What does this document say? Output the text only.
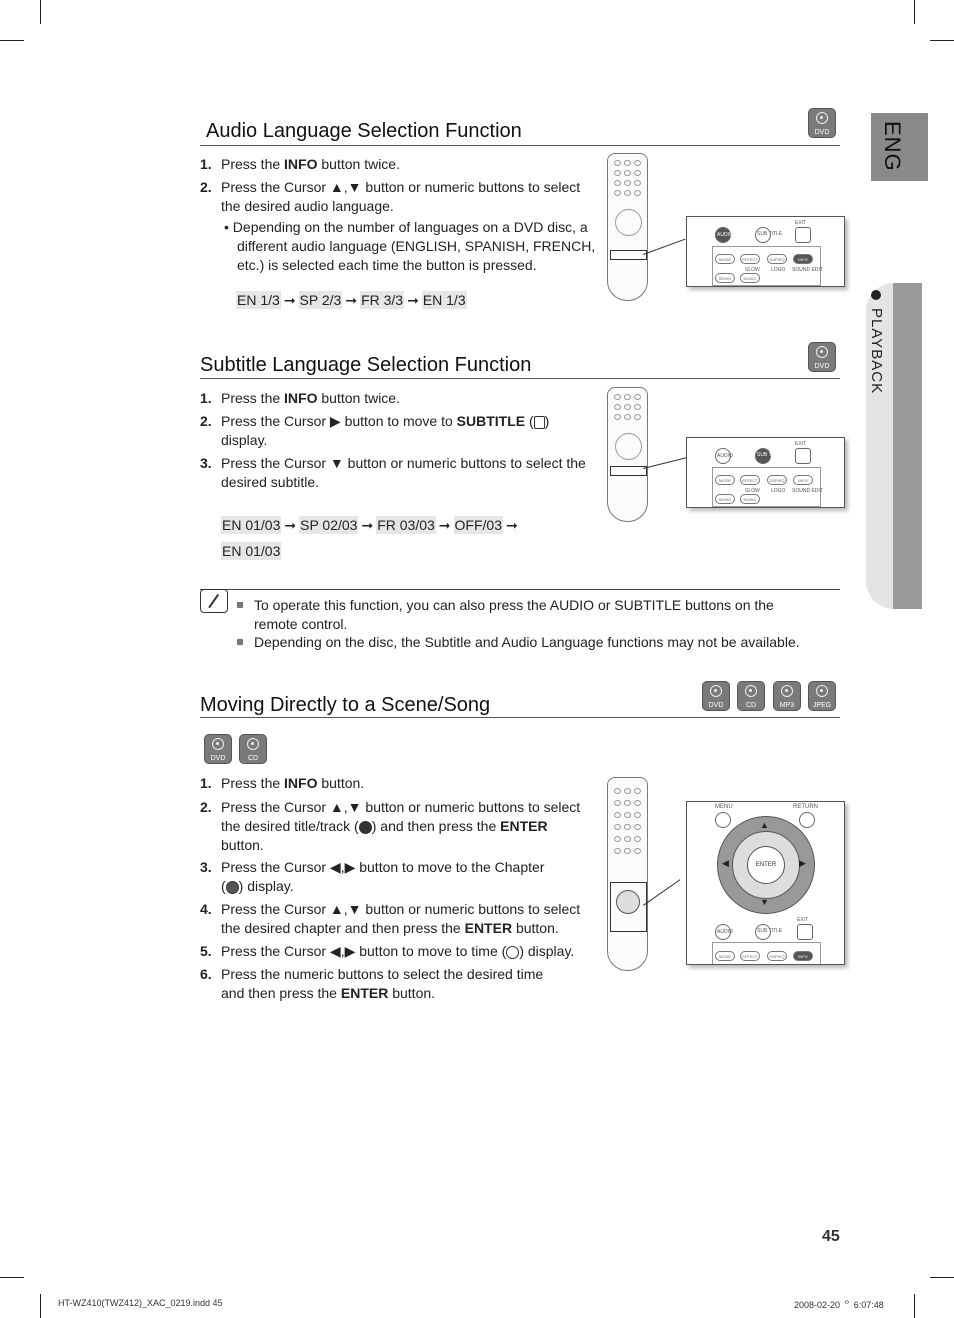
ENG
PLAYBACK
Audio Language Selection Function	DVD
1. Press the INFO button twice.
2. Press the Cursor ▲,▼ button or numeric buttons to select
the desired audio language.
• Depending on the number of languages on a DVD disc, a
different audio language (ENGLISH, SPANISH, FRENCH,
etc.) is selected each time the button is pressed.
EN 1/3 ➞ SP 2/3 ➞ FR 3/3 ➞ EN 1/3
AUDIO	SUB TITLE
EXIT
MODE	EFFECT	DSP/EQ	INFO
SD/HD	MUSIC
SLOW LOGO SOUND EDIT
Subtitle Language Selection Function	DVD
1. Press the INFO button twice.
2. Press the Cursor ▶ button to move to SUBTITLE ( )
display.
3. Press the Cursor ▼ button or numeric buttons to select the
desired subtitle.
EN 01/03 ➞ SP 02/03 ➞ FR 03/03 ➞ OFF/03 ➞
EN 01/03
AUDIO	SUB TITLE
EXIT
MODE	EFFECT	DSP/EQ	INFO
SD/HD	MUSIC
SLOW LOGO SOUND EDIT
To operate this function, you can also press the AUDIO or SUBTITLE buttons on the
remote control.
Depending on the disc, the Subtitle and Audio Language functions may not be available.
Moving Directly to a Scene/Song	DVD	CD	MP3	JPEG
DVD	CD
1. Press the INFO button.
2. Press the Cursor ▲,▼ button or numeric buttons to select
the desired title/track ( ) and then press the ENTER
button.
3. Press the Cursor ◀,▶ button to move to the Chapter
( ) display.
4. Press the Cursor ▲,▼ button or numeric buttons to select
the desired chapter and then press the ENTER button.
5. Press the Cursor ◀,▶ button to move to time ( ) display.
6. Press the numeric buttons to select the desired time
and then press the ENTER button.
MENU	RETURN
ENTER
▲
▼
◀	▶
AUDIO	SUB TITLE
EXIT
MODE	EFFECT	DSP/EQ	INFO
45
HT-WZ410(TWZ412)_XAC_0219.indd 45	2008-02-20 ᄋ 6:07:48
